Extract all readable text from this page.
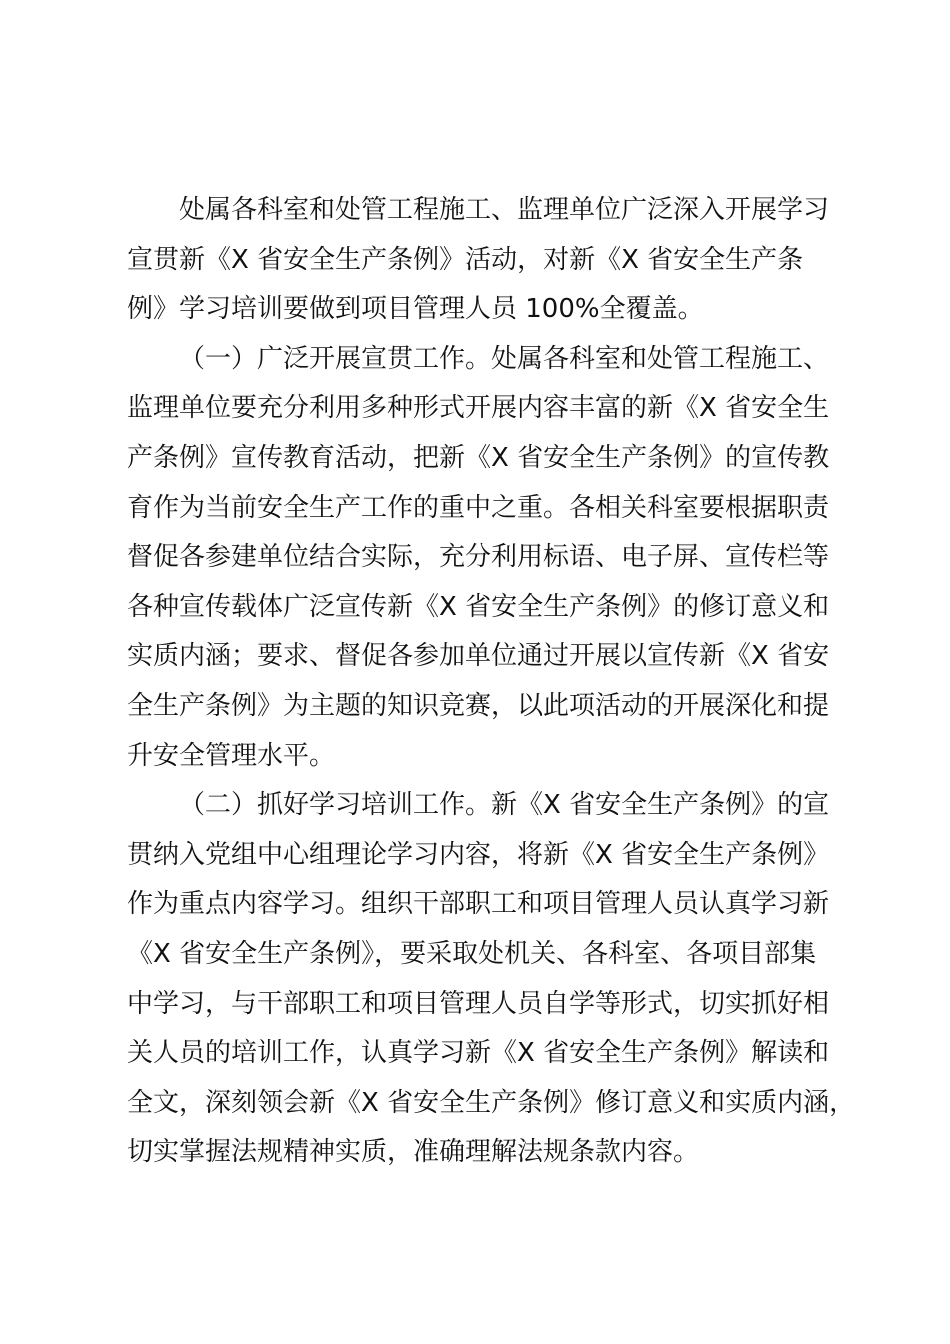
处属各科室和处管工程施工、监理单位广泛深入开展学习
宣贯新《X 省安全生产条例》活动，对新《X 省安全生产条
例》学习培训要做到项目管理人员 100%全覆盖。
（一）广泛开展宣贯工作。处属各科室和处管工程施工、
监理单位要充分利用多种形式开展内容丰富的新《X 省安全生
产条例》宣传教育活动，把新《X 省安全生产条例》的宣传教
育作为当前安全生产工作的重中之重。各相关科室要根据职责
督促各参建单位结合实际，充分利用标语、电子屏、宣传栏等
各种宣传载体广泛宣传新《X 省安全生产条例》的修订意义和
实质内涵；要求、督促各参加单位通过开展以宣传新《X 省安
全生产条例》为主题的知识竞赛，以此项活动的开展深化和提
升安全管理水平。
（二）抓好学习培训工作。新《X 省安全生产条例》的宣
贯纳入党组中心组理论学习内容，将新《X 省安全生产条例》
作为重点内容学习。组织干部职工和项目管理人员认真学习新
《X 省安全生产条例》，要采取处机关、各科室、各项目部集
中学习，与干部职工和项目管理人员自学等形式，切实抓好相
关人员的培训工作，认真学习新《X 省安全生产条例》解读和
全文，深刻领会新《X 省安全生产条例》修订意义和实质内涵，
切实掌握法规精神实质，准确理解法规条款内容。
